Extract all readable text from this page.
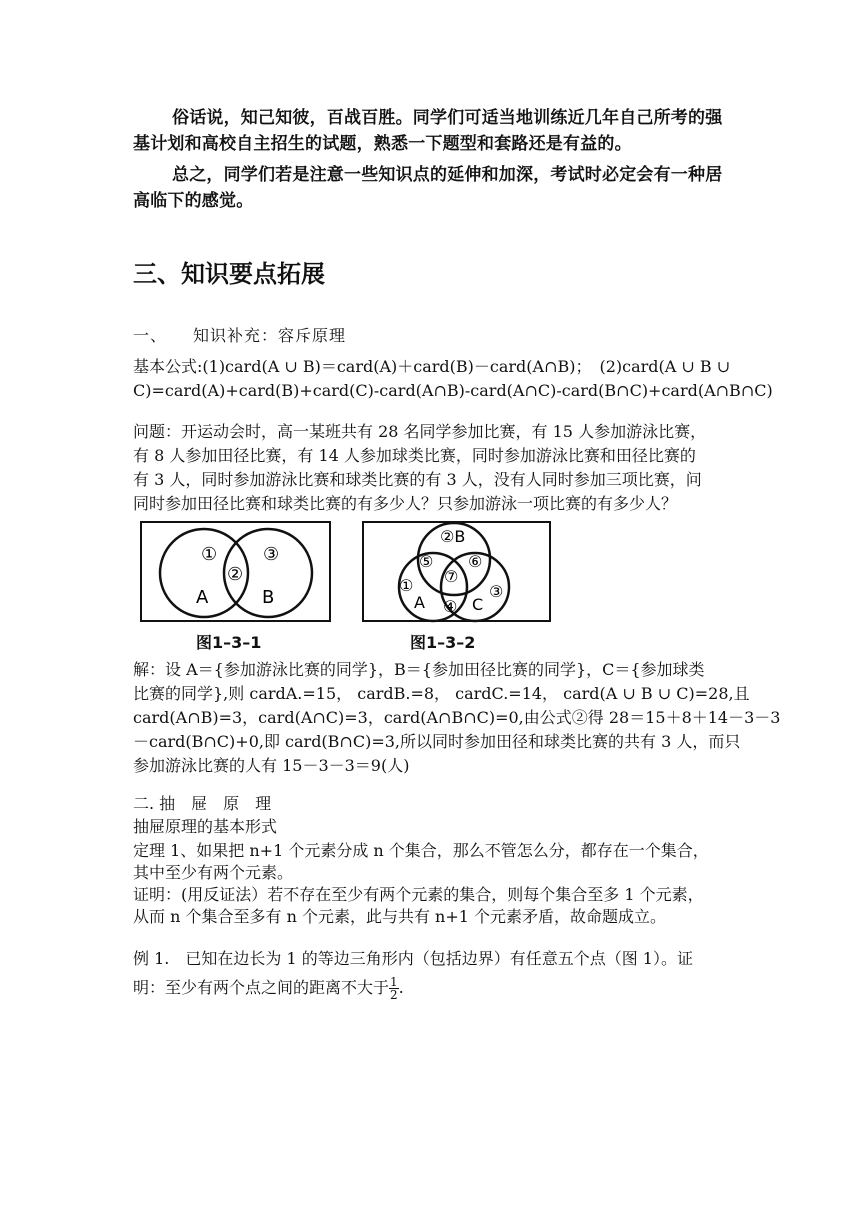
俗话说，知己知彼，百战百胜。同学们可适当地训练近几年自己所考的强
基计划和高校自主招生的试题，熟悉一下题型和套路还是有益的。
总之，同学们若是注意一些知识点的延伸和加深，考试时必定会有一种居
高临下的感觉。
三、知识要点拓展
一、　　知识补充：容斥原理
基本公式:(1)card(A ∪ B)＝card(A)＋card(B)－card(A∩B)；　(2)card(A ∪ B ∪
C)=card(A)+card(B)+card(C)-card(A∩B)-card(A∩C)-card(B∩C)+card(A∩B∩C)
问题：开运动会时，高一某班共有 28 名同学参加比赛，有 15 人参加游泳比赛，
有 8 人参加田径比赛，有 14 人参加球类比赛，同时参加游泳比赛和田径比赛的
有 3 人，同时参加游泳比赛和球类比赛的有 3 人，没有人同时参加三项比赛，问
同时参加田径比赛和球类比赛的有多少人？只参加游泳一项比赛的有多少人？
①
②
③
A	B
图1–3–1
②B
⑤ ⑥
⑦
①
A ④ C
③
图1–3–2
解：设 A＝{参加游泳比赛的同学}，B＝{参加田径比赛的同学}，C＝{参加球类
比赛的同学},则 cardA.=15， cardB.=8， cardC.=14， card(A ∪ B ∪ C)=28,且
card(A∩B)=3，card(A∩C)=3，card(A∩B∩C)=0,由公式②得 28＝15＋8＋14－3－3
－card(B∩C)+0,即 card(B∩C)=3,所以同时参加田径和球类比赛的共有 3 人，而只
参加游泳比赛的人有 15－3－3＝9(人)
二. 抽　屉　原　理
抽屉原理的基本形式
定理 1、如果把 n+1 个元素分成 n 个集合，那么不管怎么分，都存在一个集合，
其中至少有两个元素。
证明：(用反证法）若不存在至少有两个元素的集合，则每个集合至多 1 个元素，
从而 n 个集合至多有 n 个元素，此与共有 n+1 个元素矛盾，故命题成立。
例 1.　已知在边长为 1 的等边三角形内（包括边界）有任意五个点（图 1）。证
明：至少有两个点之间的距离不大于 $\frac{1}{2}$ .
